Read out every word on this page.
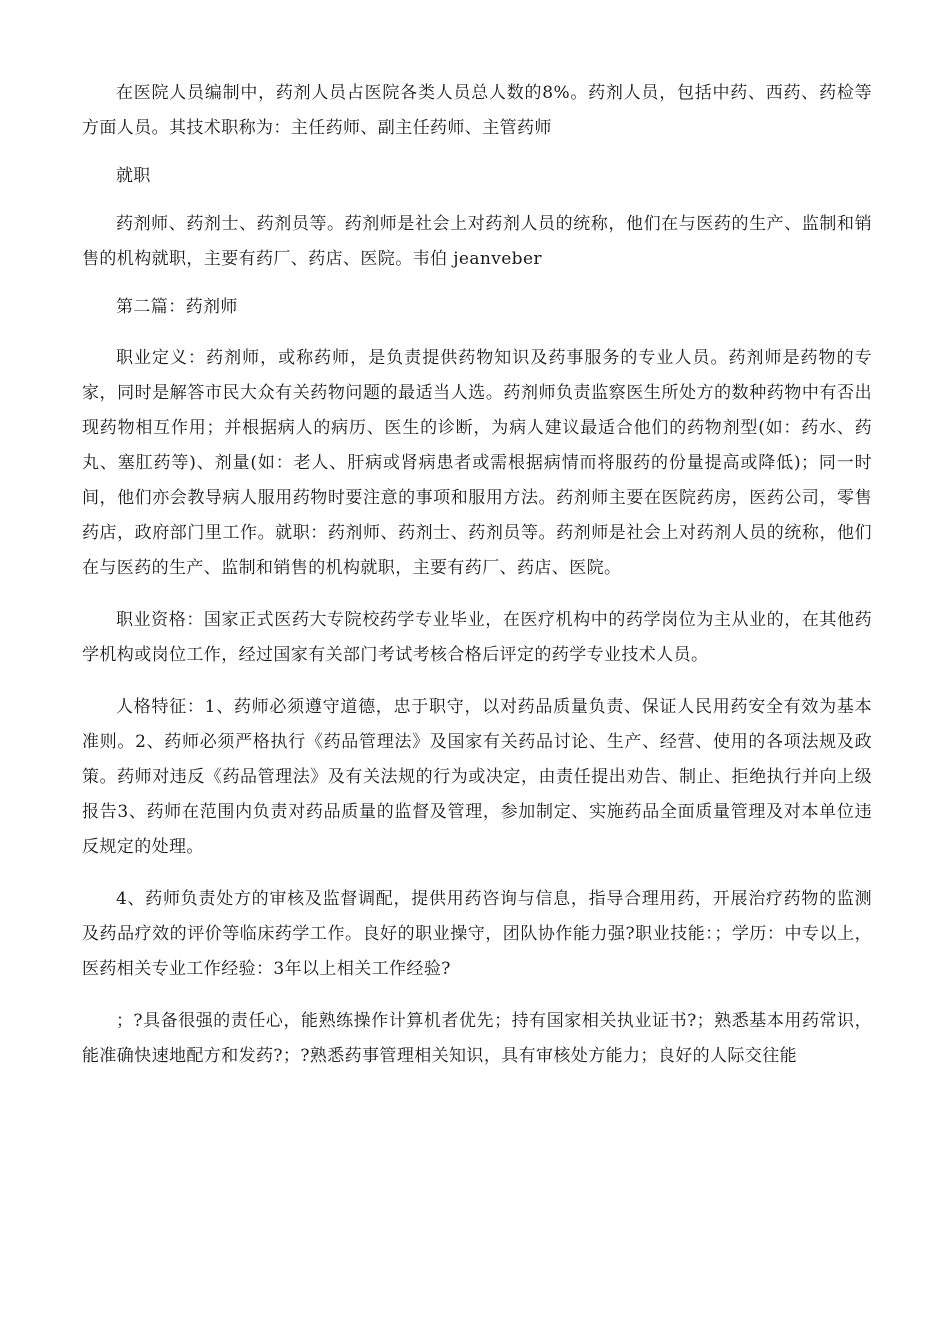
在医院人员编制中，药剂人员占医院各类人员总人数的8%。药剂人员，包括中药、西药、药检等方面人员。其技术职称为：主任药师、副主任药师、主管药师

就职

药剂师、药剂士、药剂员等。药剂师是社会上对药剂人员的统称，他们在与医药的生产、监制和销售的机构就职，主要有药厂、药店、医院。韦伯 jeanveber

第二篇：药剂师

职业定义：药剂师，或称药师，是负责提供药物知识及药事服务的专业人员。药剂师是药物的专家，同时是解答市民大众有关药物问题的最适当人选。药剂师负责监察医生所处方的数种药物中有否出现药物相互作用；并根据病人的病历、医生的诊断，为病人建议最适合他们的药物剂型(如：药水、药丸、塞肛药等)、剂量(如：老人、肝病或肾病患者或需根据病情而将服药的份量提高或降低)；同一时间，他们亦会教导病人服用药物时要注意的事项和服用方法。药剂师主要在医院药房，医药公司，零售药店，政府部门里工作。就职：药剂师、药剂士、药剂员等。药剂师是社会上对药剂人员的统称，他们在与医药的生产、监制和销售的机构就职，主要有药厂、药店、医院。

职业资格：国家正式医药大专院校药学专业毕业，在医疗机构中的药学岗位为主从业的，在其他药学机构或岗位工作，经过国家有关部门考试考核合格后评定的药学专业技术人员。

人格特征：1、药师必须遵守道德，忠于职守，以对药品质量负责、保证人民用药安全有效为基本准则。2、药师必须严格执行《药品管理法》及国家有关药品讨论、生产、经营、使用的各项法规及政策。药师对违反《药品管理法》及有关法规的行为或决定，由责任提出劝告、制止、拒绝执行并向上级报告3、药师在范围内负责对药品质量的监督及管理，参加制定、实施药品全面质量管理及对本单位违反规定的处理。

4、药师负责处方的审核及监督调配，提供用药咨询与信息，指导合理用药，开展治疗药物的监测及药品疗效的评价等临床药学工作。良好的职业操守，团队协作能力强?职业技能：；学历：中专以上，医药相关专业工作经验：3年以上相关工作经验?

；?具备很强的责任心，能熟练操作计算机者优先；持有国家相关执业证书?；熟悉基本用药常识，能准确快速地配方和发药?；?熟悉药事管理相关知识，具有审核处方能力；良好的人际交往能
